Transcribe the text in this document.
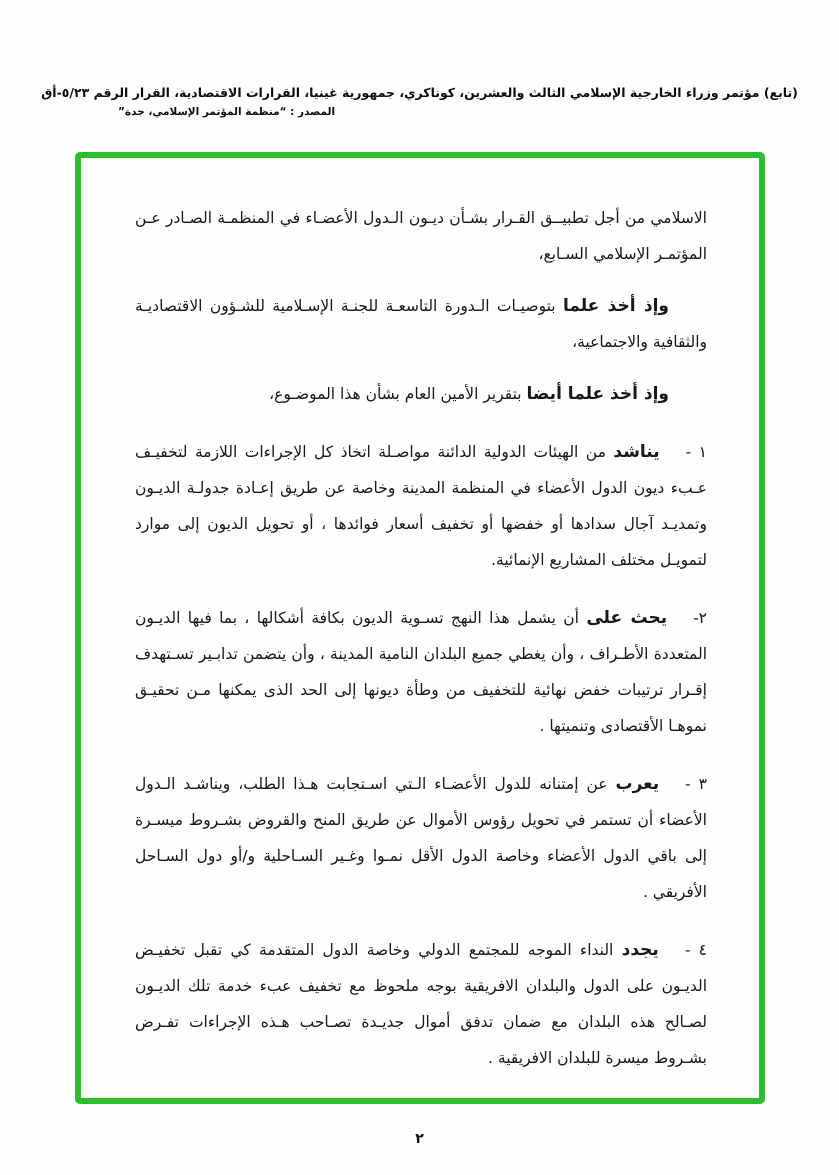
(تابع) مؤتمر وزراء الخارجية الإسلامي الثالث والعشرين، كوناكري، جمهورية غينيا، القرارات الاقتصادية، القرار الرقم ٥/٢٣-أق
المصدر : “منظمة المؤتمر الإسلامي، جدة”

الاسلامي من أجل تطبيــق القـرار بشـأن ديـون الـدول الأعضـاء في المنظمـة الصـادر عـن المؤتمـر الإسلامي السـابع،

وإذ أخذ علما بتوصيـات الـدورة التاسعـة للجنـة الإسـلامية للشـؤون الاقتصاديـة والثقافية والاجتماعية،

وإذ أخذ علما أيضا بتقرير الأمين العام بشأن هذا الموضـوع،

١ -يناشد من الهيئات الدولية الدائنة مواصـلة اتخاذ كل الإجراءات اللازمة لتخفيـف عـبء ديون الدول الأعضاء في المنظمة المدينة وخاصة عن طريق إعـادة جدولـة الديـون وتمديـد آجال سدادها أو خفضها أو تخفيف أسعار فوائدها ، أو تحويل الديون إلى موارد لتمويـل مختلف المشاريع الإنمائية.

٢-يحث على أن يشمل هذا النهج تسـوية الديون بكافة أشكالها ، بما فيها الديـون المتعددة الأطـراف ، وأن يغطي جميع البلدان النامية المدينة ، وأن يتضمن تدابـير تسـتهدف إقـرار ترتيبات خفض نهائية للتخفيف من وطأة ديونها إلى الحد الذى يمكنها مـن تحقيـق نموهـا الأقتصادى وتنميتها .

٣ -يعرب عن إمتنانه للدول الأعضـاء الـتي اسـتجابت هـذا الطلب، ويناشـد الـدول الأعضاء أن تستمر في تحويل رؤوس الأموال عن طريق المنح والقروض بشـروط ميسـرة إلى باقي الدول الأعضاء وخاصة الدول الأقل نمـوا وغـير السـاحلية و/أو دول السـاحل الأفريقي .

٤ -يجدد النداء الموجه للمجتمع الدولي وخاصة الدول المتقدمة كي تقبل تخفيـض الديـون على الدول والبلدان الافريقية بوجه ملحوظ مع تخفيف عبء خدمة تلك الديـون لصـالح هذه البلدان مع ضمان تدفق أموال جديـدة تصـاحب هـذه الإجراءات تفـرض بشـروط ميسرة للبلدان الافريقية .

٢
